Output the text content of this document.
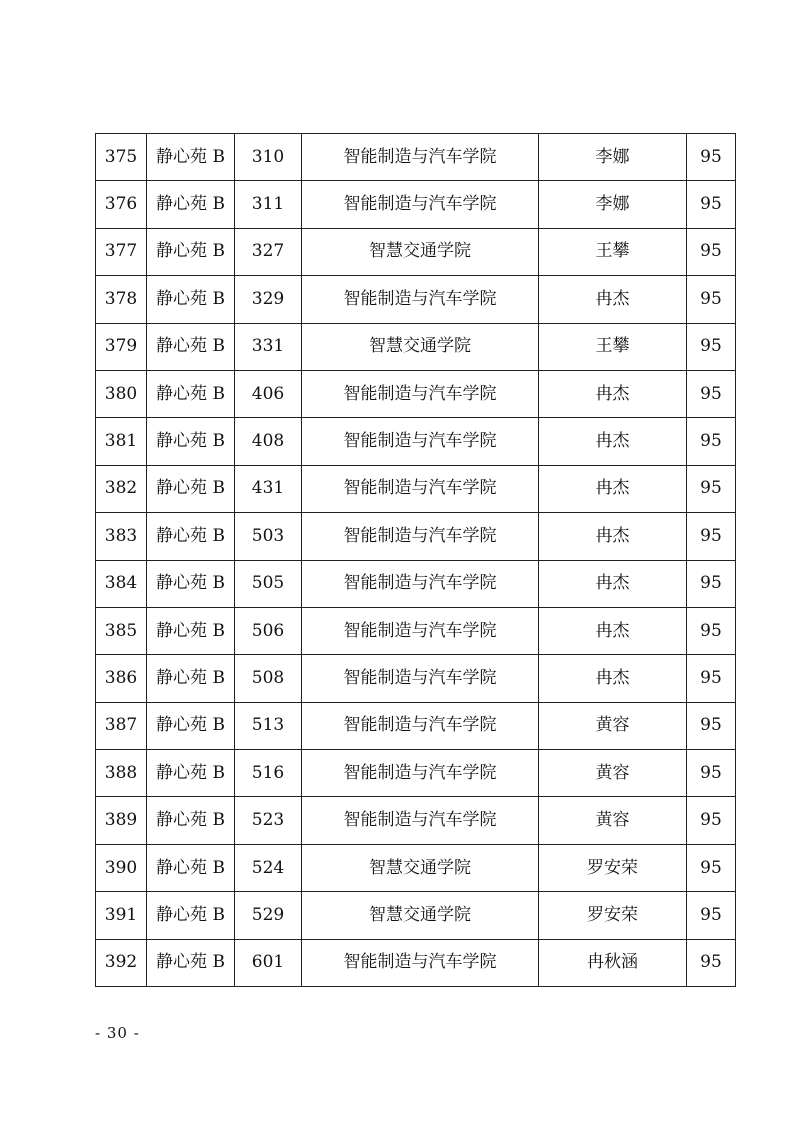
375	静心苑 B	310	智能制造与汽车学院	李娜	95
376	静心苑 B	311	智能制造与汽车学院	李娜	95
377	静心苑 B	327	智慧交通学院	王攀	95
378	静心苑 B	329	智能制造与汽车学院	冉杰	95
379	静心苑 B	331	智慧交通学院	王攀	95
380	静心苑 B	406	智能制造与汽车学院	冉杰	95
381	静心苑 B	408	智能制造与汽车学院	冉杰	95
382	静心苑 B	431	智能制造与汽车学院	冉杰	95
383	静心苑 B	503	智能制造与汽车学院	冉杰	95
384	静心苑 B	505	智能制造与汽车学院	冉杰	95
385	静心苑 B	506	智能制造与汽车学院	冉杰	95
386	静心苑 B	508	智能制造与汽车学院	冉杰	95
387	静心苑 B	513	智能制造与汽车学院	黄容	95
388	静心苑 B	516	智能制造与汽车学院	黄容	95
389	静心苑 B	523	智能制造与汽车学院	黄容	95
390	静心苑 B	524	智慧交通学院	罗安荣	95
391	静心苑 B	529	智慧交通学院	罗安荣	95
392	静心苑 B	601	智能制造与汽车学院	冉秋涵	95
- 30 -
